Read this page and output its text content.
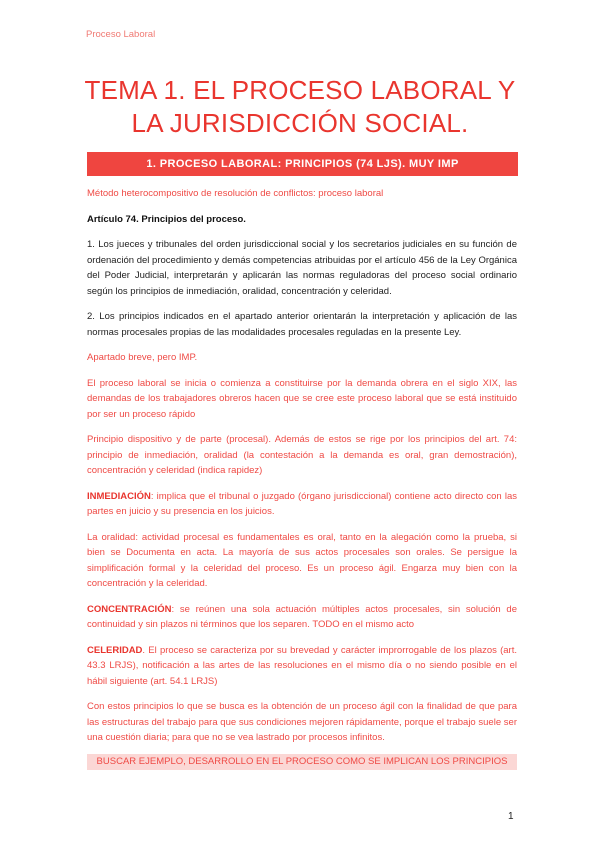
Proceso Laboral
TEMA 1. EL PROCESO LABORAL Y
LA JURISDICCIÓN SOCIAL.
1. PROCESO LABORAL: PRINCIPIOS (74 LJS). MUY IMP

Método heterocompositivo de resolución de conflictos: proceso laboral

Artículo 74. Principios del proceso.

1. Los jueces y tribunales del orden jurisdiccional social y los secretarios judiciales en su función de ordenación del procedimiento y demás competencias atribuidas por el artículo 456 de la Ley Orgánica del Poder Judicial, interpretarán y aplicarán las normas reguladoras del proceso social ordinario según los principios de inmediación, oralidad, concentración y celeridad.

2. Los principios indicados en el apartado anterior orientarán la interpretación y aplicación de las normas procesales propias de las modalidades procesales reguladas en la presente Ley.

Apartado breve, pero IMP.

El proceso laboral se inicia o comienza a constituirse por la demanda obrera en el siglo XIX, las demandas de los trabajadores obreros hacen que se cree este proceso laboral que se está instituido por ser un proceso rápido

Principio dispositivo y de parte (procesal). Además de estos se rige por los principios del art. 74: principio de inmediación, oralidad (la contestación a la demanda es oral, gran demostración), concentración y celeridad (indica rapidez)

INMEDIACIÓN: implica que el tribunal o juzgado (órgano jurisdiccional) contiene acto directo con las partes en juicio y su presencia en los juicios.

La oralidad: actividad procesal es fundamentales es oral, tanto en la alegación como la prueba, si bien se Documenta en acta. La mayoría de sus actos procesales son orales. Se persigue la simplificación formal y la celeridad del proceso. Es un proceso ágil. Engarza muy bien con la concentración y la celeridad.

CONCENTRACIÓN: se reúnen una sola actuación múltiples actos procesales, sin solución de continuidad y sin plazos ni términos que los separen. TODO en el mismo acto

CELERIDAD. El proceso se caracteriza por su brevedad y carácter improrrogable de los plazos (art. 43.3 LRJS), notificación a las artes de las resoluciones en el mismo día o no siendo posible en el hábil siguiente (art. 54.1 LRJS)

Con estos principios lo que se busca es la obtención de un proceso ágil con la finalidad de que para las estructuras del trabajo para que sus condiciones mejoren rápidamente, porque el trabajo suele ser una cuestión diaria; para que no se vea lastrado por procesos infinitos.

BUSCAR EJEMPLO, DESARROLLO EN EL PROCESO COMO SE IMPLICAN LOS PRINCIPIOS
1
